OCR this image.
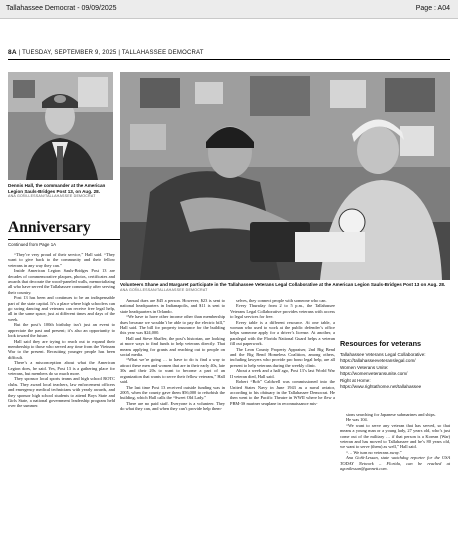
Tallahassee Democrat - 09/09/2025	Page : A04
8A | TUESDAY, SEPTEMBER 9, 2025 | TALLAHASSEE DEMOCRAT
Dennis Hall, the commander at the American Legion Sauls-Bridges Post 13, on Aug. 28.
ANA GOÑI-LESSAN/TALLAHASSEE DEMOCRAT
Volunteers Shane and Margaret participate in the Tallahassee Veterans Legal Collaborative at the American Legion Sauls-Bridges Post 13 on Aug. 28.
ANA GOÑI-LESSAN/TALLAHASSEE DEMOCRAT
Anniversary
Continued from Page 1A

“They’re very proud of their service,” Hall said. “They want to give back to the community and their fellow veterans in any way they can.”

Inside American Legion Sauls-Bridges Post 13 are decades of commemorative plaques, photos, certificates and awards that decorate the wood-paneled walls, memorializing all who have served the Tallahassee community after serving their country.

Post 13 has been and continues to be an indispensable part of the state capital. It’s a place where high schoolers can go swing dancing and veterans can receive free legal help, all in the same space, just at different times and days of the week.

But the post’s 100th birthday isn’t just an event to appreciate the past and present; it’s also an opportunity to look toward the future.

Hall said they are trying to reach out to expand their membership to those who served any time from the Vietnam War to the present. Recruiting younger people has been difficult.

There’s a misconception about what the American Legion does, he said. Yes, Post 13 is a gathering place for veterans, but members do so much more.

They sponsor local sports teams and high school ROTC clubs. They award local teachers, law enforcement officers and emergency medical technicians with yearly awards, and they sponsor high school students to attend Boys State and Girls State, a national government leadership program held over the summer.

Annual dues are $45 a person. However, $23 is sent to national headquarters in Indianapolis, and $11 is sent to state headquarters in Orlando.

“We have to have other income other than membership dues because we wouldn’t be able to pay the electric bill,” Hall said. The bill for property insurance for the building this year was $24,000.

Hall and Steve Shaffer, the post’s historian, are looking at more ways to find funds to help veterans directly. That means applying for grants and reaching out to people on social media.

“What we’re going … to have to do is find a way to attract these men and women that are in their early 40s, late 30s and their 20s to want to become a part of an organization that wants to serve their fellow veterans,” Hall said.

The last time Post 13 received outside funding was in 2005, when the county gave them $56,000 to refurbish the building, which Hall calls the “Sweet Old Lady.”

There are no paid staff. Everyone is a volunteer. They do what they can, and when they can’t provide help them-

selves, they connect people with someone who can.

Every Thursday from 2 to 5 p.m., the Tallahassee Veterans Legal Collaborative provides veterans with access to legal services for free.

Every table is a different resource. At one table, a woman who used to work at the public defender’s office helps someone apply for a driver’s license. At another, a paralegal with the Florida National Guard helps a veteran fill out paperwork.

The Leon County Property Appraiser, 2nd Big Bend and the Big Bend Homeless Coalition, among others, including lawyers who provide pro bono legal help, are all present to help veterans during the weekly clinic.

About a week and a half ago, Post 13’s last World War II veteran died, Hall said.

Robert “Bob” Caldwell was commissioned into the United States Navy in June 1943 as a naval aviator, according to his obituary in the Tallahassee Democrat. He then went to the Pacific Theatre in WWII where he flew a PBM-3S mariner seaplane in reconnaissance mis-

Resources for veterans
Tallahassee Veterans Legal Collaborative:
https://tallahasseeveteranslegal.com/
Women Veterans Unite:
https://womenveteransunite.com/
Right at Home:
https://www.rightathome.net/tallahassee

sions searching for Japanese submarines and ships.

He was 104.

“We want to serve any veteran that has served, so that means a young man or a young lady, 27 years old, who’s just come out of the military … if that person is a Korean (War) veteran and has moved to Tallahassee and he’s 80 years old, we want to serve (them) as well,” Hall said.

“… We turn no veterans away.”

Ana Goñi-Lessan, state watchdog reporter for the USA TODAY Network – Florida, can be reached at agonilessan@gannett.com.
